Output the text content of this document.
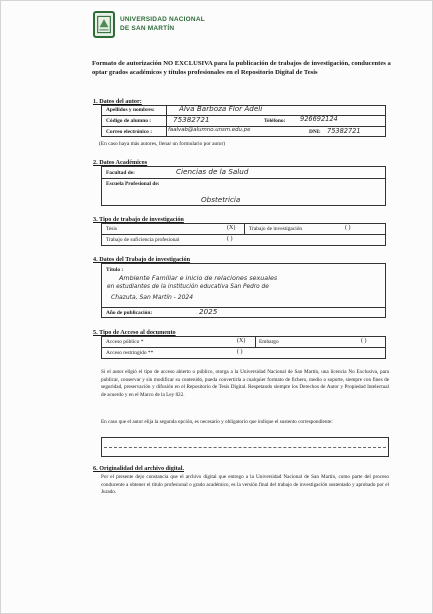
UNIVERSIDAD NACIONAL
DE SAN MARTÍN
Formato de autorización NO EXCLUSIVA para la publicación de trabajos de investigación, conducentes a optar grados académicos y títulos profesionales en el Repositorio Digital de Tesis
1. Datos del autor:
Apellidos y nombres:	Alva Barboza Flor Adeli
Código de alumno :	75382721	Teléfono: 926692124
Correo electrónico :	faalvab@alumno.unsm.edu.pe	DNI: 75382721
(En caso haya más autores, llenar un formulario por autor)
2. Datos Académicos
Facultad de:	Ciencias de la Salud
Escuela Profesional de:
Obstetricia
3. Tipo de trabajo de investigación
Tesis	(X)	Trabajo de investigación	( )
Trabajo de suficiencia profesional	( )
4. Datos del Trabajo de investigación
Título :
Ambiente Familiar e inicio de relaciones sexuales
en estudiantes de la institución educativa San Pedro de
Chazuta, San Martín - 2024
Año de publicación:	2025
5. Tipo de Acceso al documento
Acceso público *	(X)	Embargo	( )
Acceso restringido **	( )
Si el autor eligió el tipo de acceso abierto o público, otorga a la Universidad Nacional de San Martín, una licencia No Exclusiva, para publicar, conservar y sin modificar su contenido, pueda convertirla a cualquier formato de fichero, medio o soporte, siempre con fines de seguridad, preservación y difusión en el Repositorio de Tesis Digital. Respetando siempre los Derechos de Autor y Propiedad Intelectual de acuerdo y en el Marco de la Ley 822.
En caso que el autor elija la segunda opción, es necesario y obligatorio que indique el sustento correspondiente:
6. Originalidad del archivo digital.
Por el presente dejo constancia que el archivo digital que entrego a la Universidad Nacional de San Martín, como parte del proceso conducente a obtener el título profesional o grado académico, es la versión final del trabajo de investigación sustentado y aprobado por el Jurado.
